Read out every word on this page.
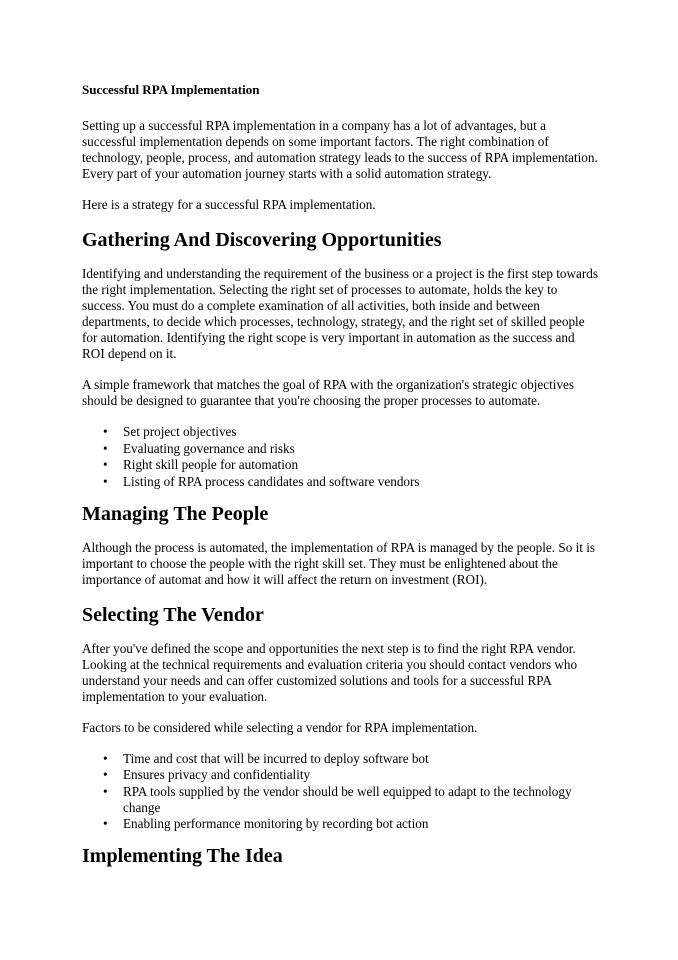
Successful RPA Implementation

Setting up a successful RPA implementation in a company has a lot of advantages, but a successful implementation depends on some important factors. The right combination of technology, people, process, and automation strategy leads to the success of RPA implementation. Every part of your automation journey starts with a solid automation strategy.

Here is a strategy for a successful RPA implementation.

Gathering And Discovering Opportunities

Identifying and understanding the requirement of the business or a project is the first step towards the right implementation. Selecting the right set of processes to automate, holds the key to success. You must do a complete examination of all activities, both inside and between departments, to decide which processes, technology, strategy, and the right set of skilled people for automation. Identifying the right scope is very important in automation as the success and ROI depend on it.

A simple framework that matches the goal of RPA with the organization's strategic objectives should be designed to guarantee that you're choosing the proper processes to automate.

• Set project objectives
• Evaluating governance and risks
• Right skill people for automation
• Listing of RPA process candidates and software vendors
Managing The People

Although the process is automated, the implementation of RPA is managed by the people. So it is important to choose the people with the right skill set. They must be enlightened about the importance of automat and how it will affect the return on investment (ROI).

Selecting The Vendor

After you've defined the scope and opportunities the next step is to find the right RPA vendor. Looking at the technical requirements and evaluation criteria you should contact vendors who understand your needs and can offer customized solutions and tools for a successful RPA implementation to your evaluation.

Factors to be considered while selecting a vendor for RPA implementation.

• Time and cost that will be incurred to deploy software bot
• Ensures privacy and confidentiality
• RPA tools supplied by the vendor should be well equipped to adapt to the technology change
• Enabling performance monitoring by recording bot action
Implementing The Idea
